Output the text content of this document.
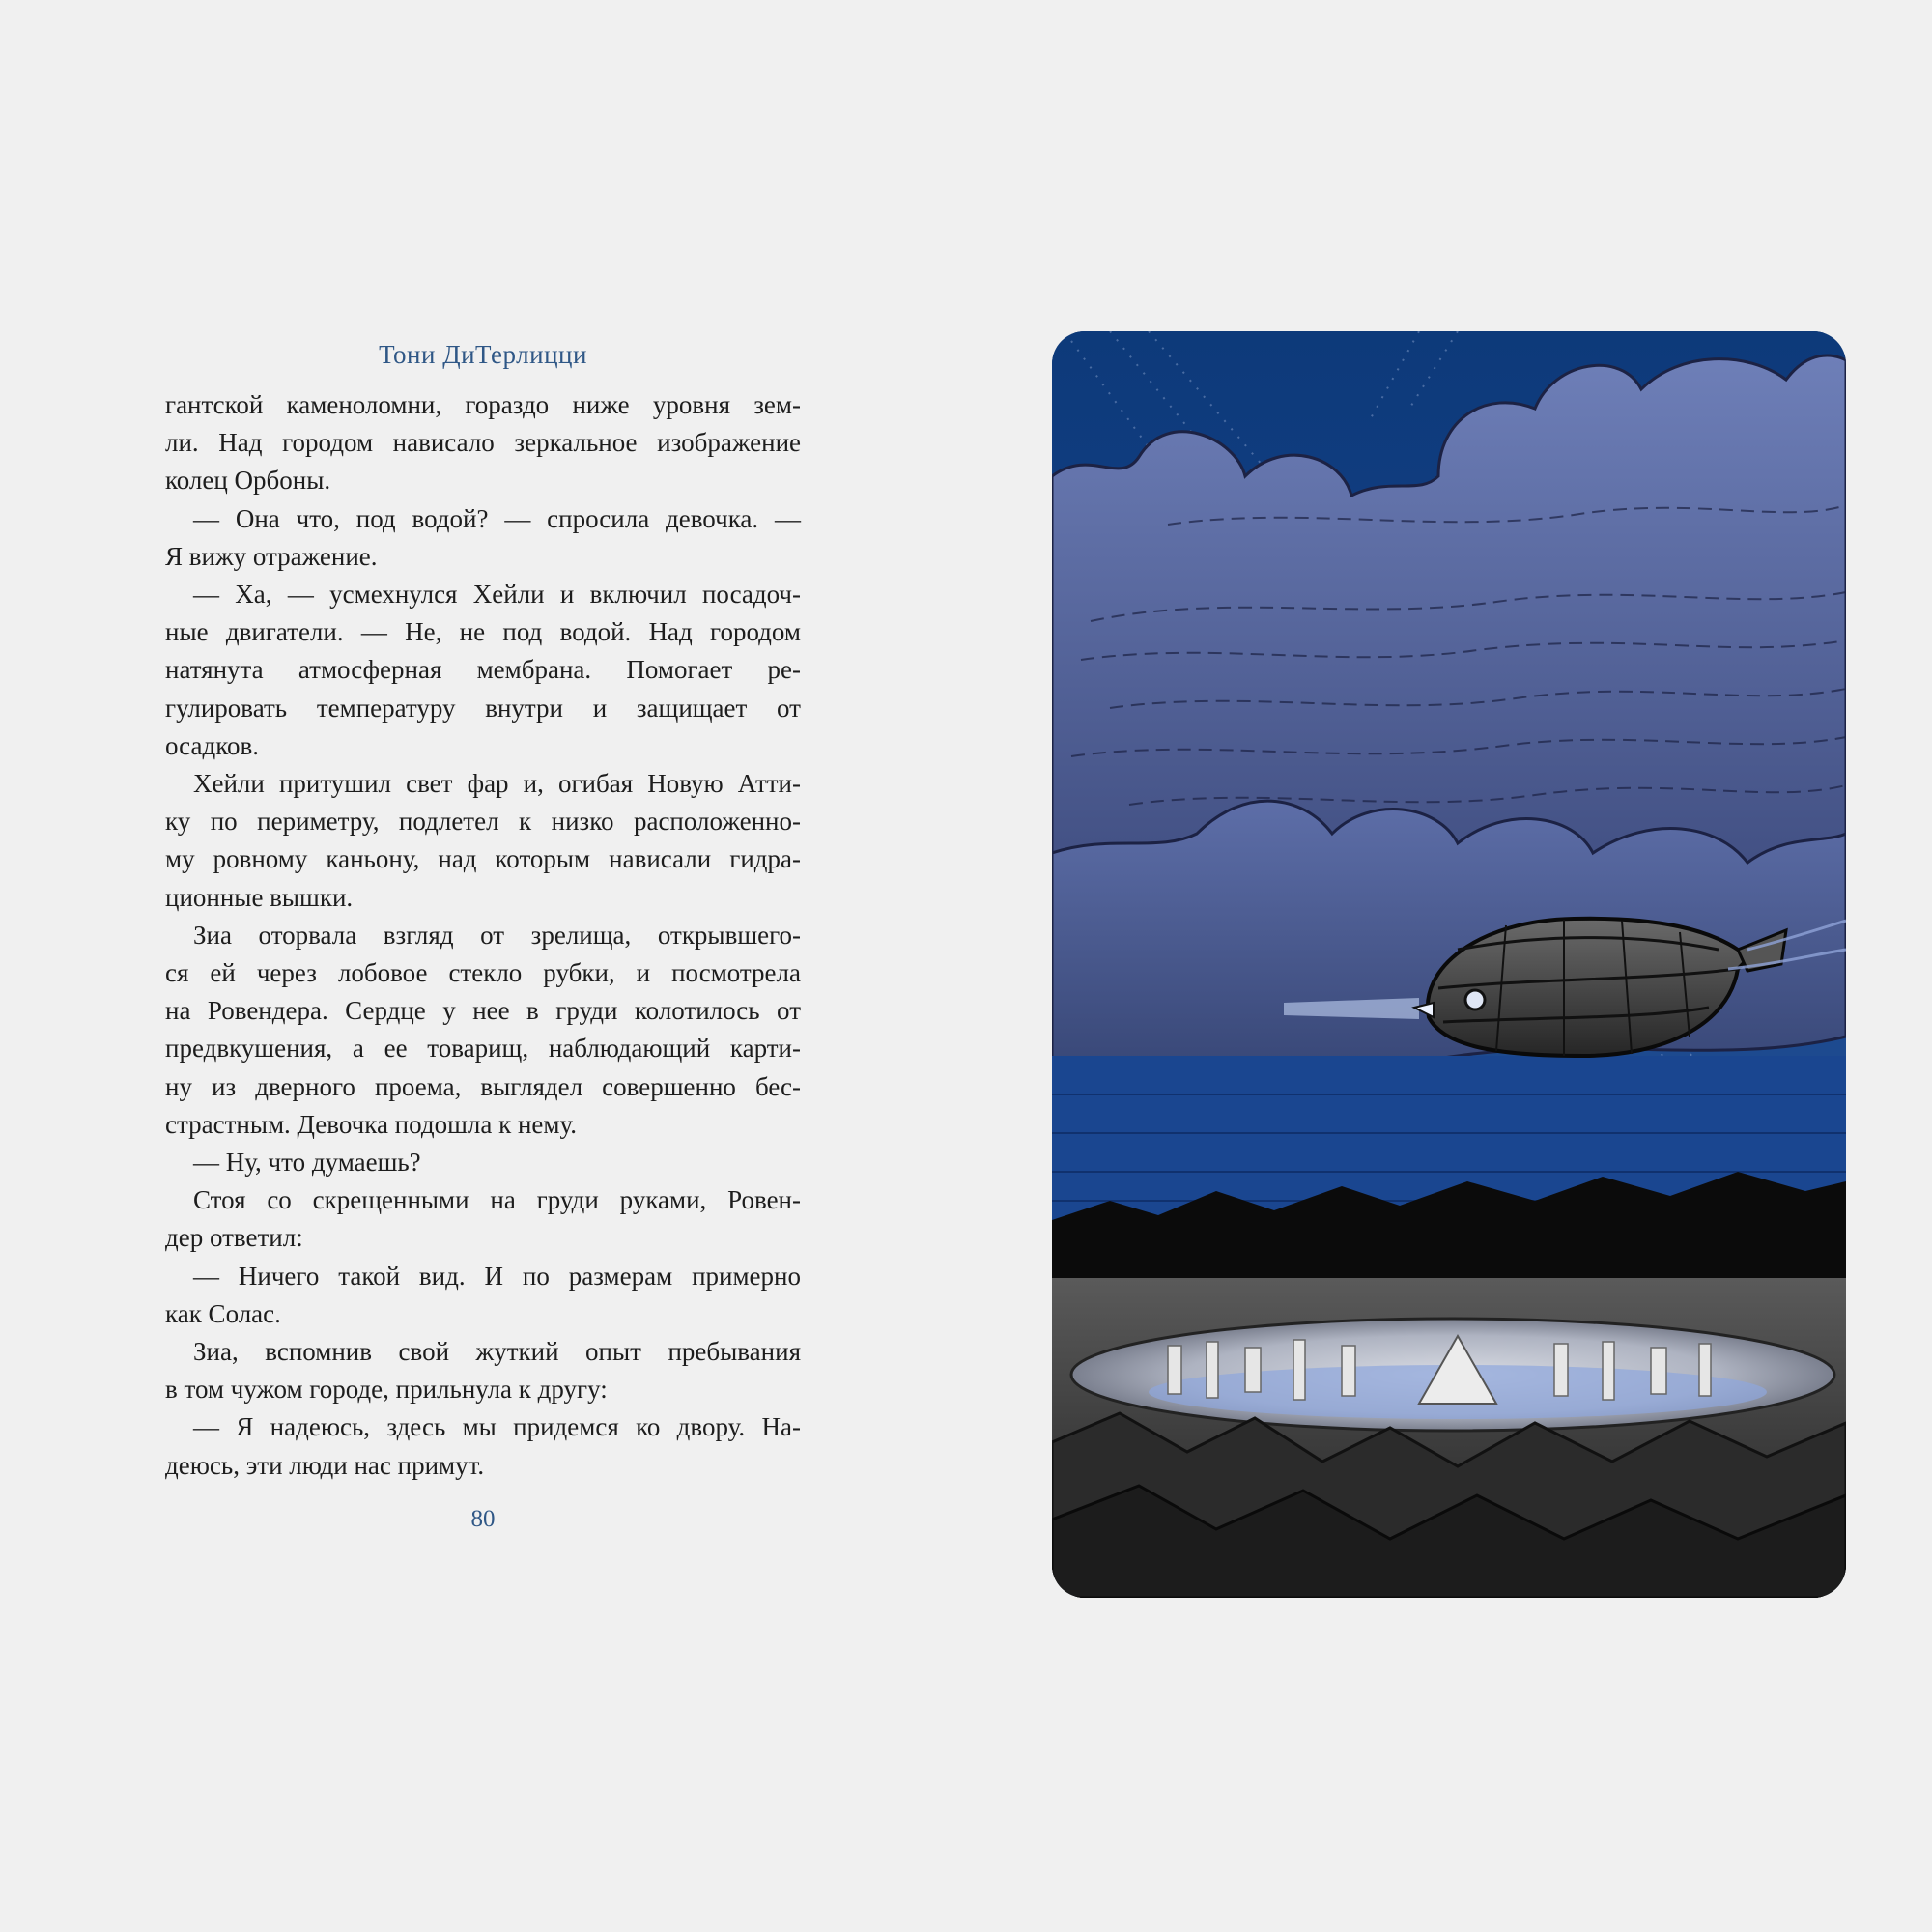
Тони ДиТерлицци

гантской каменоломни, гораздо ниже уровня зем-

ли. Над городом нависало зеркальное изображение

колец Орбоны.

— Она что, под водой? — спросила девочка. —

Я вижу отражение.

— Ха, — усмехнулся Хейли и включил посадоч-

ные двигатели. — Не, не под водой. Над городом

натянута атмосферная мембрана. Помогает ре-

гулировать температуру внутри и защищает от

осадков.

Хейли притушил свет фар и, огибая Новую Атти-

ку по периметру, подлетел к низко расположенно-

му ровному каньону, над которым нависали гидра-

ционные вышки.

Зиа оторвала взгляд от зрелища, открывшего-

ся ей через лобовое стекло рубки, и посмотрела

на Ровендера. Сердце у нее в груди колотилось от

предвкушения, а ее товарищ, наблюдающий карти-

ну из дверного проема, выглядел совершенно бес-

страстным. Девочка подошла к нему.

— Ну, что думаешь?

Стоя со скрещенными на груди руками, Ровен-

дер ответил:

— Ничего такой вид. И по размерам примерно

как Солас.

Зиа, вспомнив свой жуткий опыт пребывания

в том чужом городе, прильнула к другу:

— Я надеюсь, здесь мы придемся ко двору. На-

деюсь, эти люди нас примут.

80
